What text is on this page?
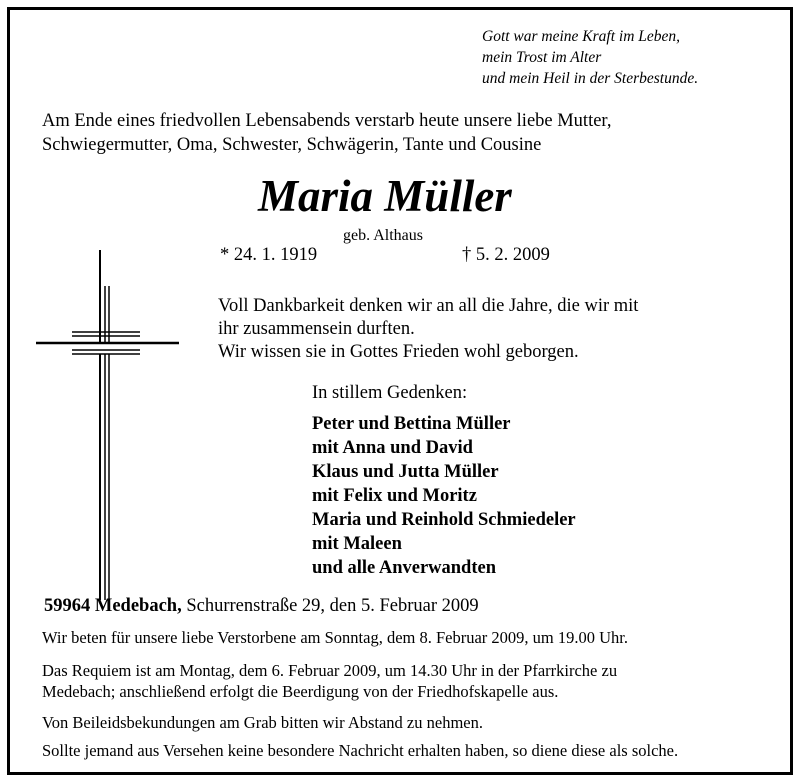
Gott war meine Kraft im Leben,
mein Trost im Alter
und mein Heil in der Sterbestunde.
Am Ende eines friedvollen Lebensabends verstarb heute unsere liebe Mutter,
Schwiegermutter, Oma, Schwester, Schwägerin, Tante und Cousine
Maria Müller
geb. Althaus
* 24. 1. 1919	† 5. 2. 2009
Voll Dankbarkeit denken wir an all die Jahre, die wir mit
ihr zusammensein durften.
Wir wissen sie in Gottes Frieden wohl geborgen.
In stillem Gedenken:
Peter und Bettina Müller
mit Anna und David
Klaus und Jutta Müller
mit Felix und Moritz
Maria und Reinhold Schmiedeler
mit Maleen
und alle Anverwandten
59964 Medebach, Schurrenstraße 29, den 5. Februar 2009
Wir beten für unsere liebe Verstorbene am Sonntag, dem 8. Februar 2009, um 19.00 Uhr.
Das Requiem ist am Montag, dem 6. Februar 2009, um 14.30 Uhr in der Pfarrkirche zu
Medebach; anschließend erfolgt die Beerdigung von der Friedhofskapelle aus.
Von Beileidsbekundungen am Grab bitten wir Abstand zu nehmen.
Sollte jemand aus Versehen keine besondere Nachricht erhalten haben, so diene diese als solche.
